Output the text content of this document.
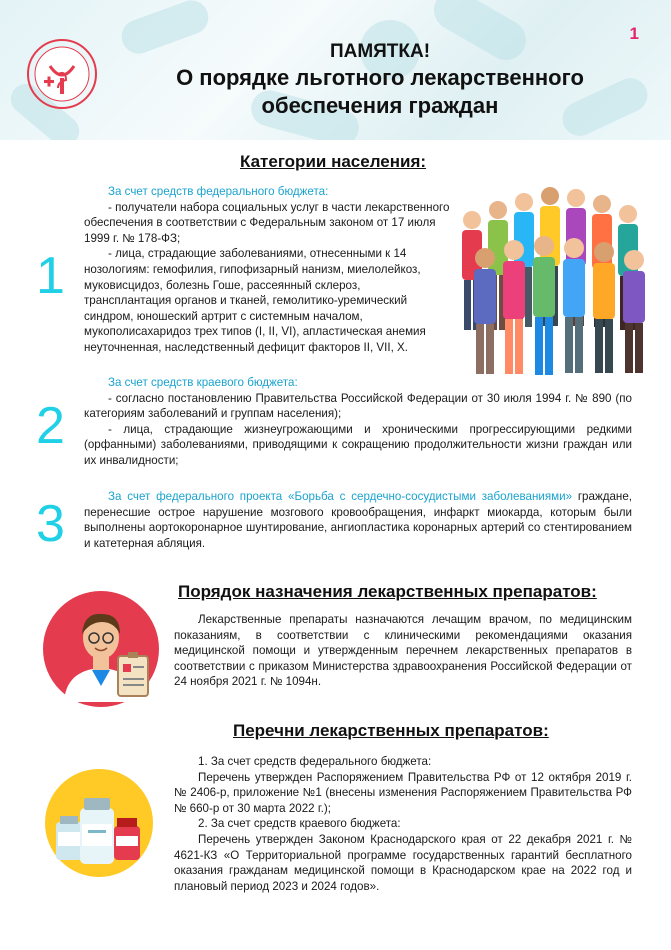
1
ПАМЯТКА!
О порядке льготного лекарственного
обеспечения граждан
Категории населения:
1

За счет средств федерального бюджета:

- получатели набора социальных услуг в части лекарственного обеспечения в соответствии с Федеральным законом от 17 июля 1999 г. № 178-ФЗ;

- лица, страдающие заболеваниями, отнесенными к 14 нозологиям: гемофилия, гипофизарный нанизм, миелолейкоз, муковисцидоз, болезнь Гоше, рассеянный склероз, трансплантация органов и тканей, гемолитико-уремический синдром, юношеский артрит с системным началом, мукополисахаридоз трех типов (I, II, VI), апластическая анемия неуточненная, наследственный дефицит факторов II, VII, X.

2

За счет средств краевого бюджета:

- согласно постановлению Правительства Российской Федерации от 30 июля 1994 г. № 890 (по категориям заболеваний и группам населения);

- лица, страдающие жизнеугрожающими и хроническими прогрессирующими редкими (орфанными) заболеваниями, приводящими к сокращению продолжительности жизни граждан или их инвалидности;

3	За счет федерального проекта «Борьба с сердечно-сосудистыми заболеваниями» граждане, перенесшие острое нарушение мозгового кровообращения, инфаркт миокарда, которым были выполнены аортокоронарное шунтирование, ангиопластика коронарных артерий со стентированием и катетерная абляция.

Порядок назначения лекарственных препаратов:

Лекарственные препараты назначаются лечащим врачом, по медицинским показаниям, в соответствии с клиническими рекомендациями оказания медицинской помощи и утвержденным перечнем лекарственных препаратов в соответствии с приказом Министерства здравоохранения Российской Федерации от 24 ноября 2021 г. № 1094н.

Перечни лекарственных препаратов:

1. За счет средств федерального бюджета:

Перечень утвержден Распоряжением Правительства РФ от 12 октября 2019 г. № 2406-р, приложение №1 (внесены изменения Распоряжением Правительства РФ № 660-р от 30 марта 2022 г.);

2. За счет средств краевого бюджета:

Перечень утвержден Законом Краснодарского края от 22 декабря 2021 г. № 4621-КЗ «О Территориальной программе государственных гарантий бесплатного оказания гражданам медицинской помощи в Краснодарском крае на 2022 год и плановый период 2023 и 2024 годов».
